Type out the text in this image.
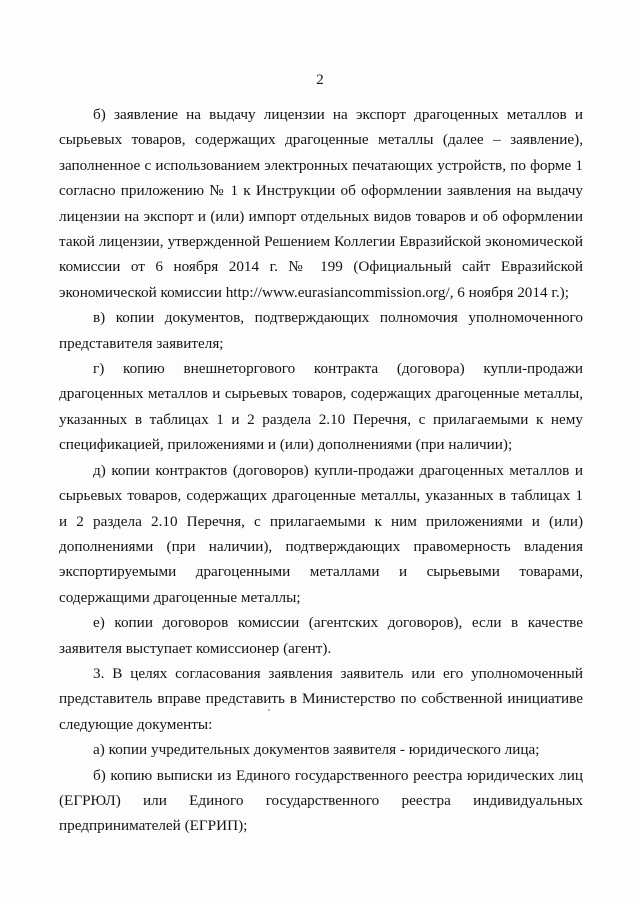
2

б) заявление на выдачу лицензии на экспорт драгоценных металлов и сырьевых товаров, содержащих драгоценные металлы (далее – заявление), заполненное с использованием электронных печатающих устройств, по форме 1 согласно приложению № 1 к Инструкции об оформлении заявления на выдачу лицензии на экспорт и (или) импорт отдельных видов товаров и об оформлении такой лицензии, утвержденной Решением Коллегии Евразийской экономической комиссии от 6 ноября 2014 г. № 199 (Официальный сайт Евразийской экономической комиссии http://www.eurasiancommission.org/, 6 ноября 2014 г.);

в) копии документов, подтверждающих полномочия уполномоченного представителя заявителя;

г) копию внешнеторгового контракта (договора) купли-продажи драгоценных металлов и сырьевых товаров, содержащих драгоценные металлы, указанных в таблицах 1 и 2 раздела 2.10 Перечня, с прилагаемыми к нему спецификацией, приложениями и (или) дополнениями (при наличии);

д) копии контрактов (договоров) купли-продажи драгоценных металлов и сырьевых товаров, содержащих драгоценные металлы, указанных в таблицах 1 и 2 раздела 2.10 Перечня, с прилагаемыми к ним приложениями и (или) дополнениями (при наличии), подтверждающих правомерность владения экспортируемыми драгоценными металлами и сырьевыми товарами, содержащими драгоценные металлы;

е) копии договоров комиссии (агентских договоров), если в качестве заявителя выступает комиссионер (агент).

3. В целях согласования заявления заявитель или его уполномоченный представитель вправе представить в Министерство по собственной инициативе следующие документы:

а) копии учредительных документов заявителя - юридического лица;

б) копию выписки из Единого государственного реестра юридических лиц (ЕГРЮЛ) или Единого государственного реестра индивидуальных предпринимателей (ЕГРИП);
